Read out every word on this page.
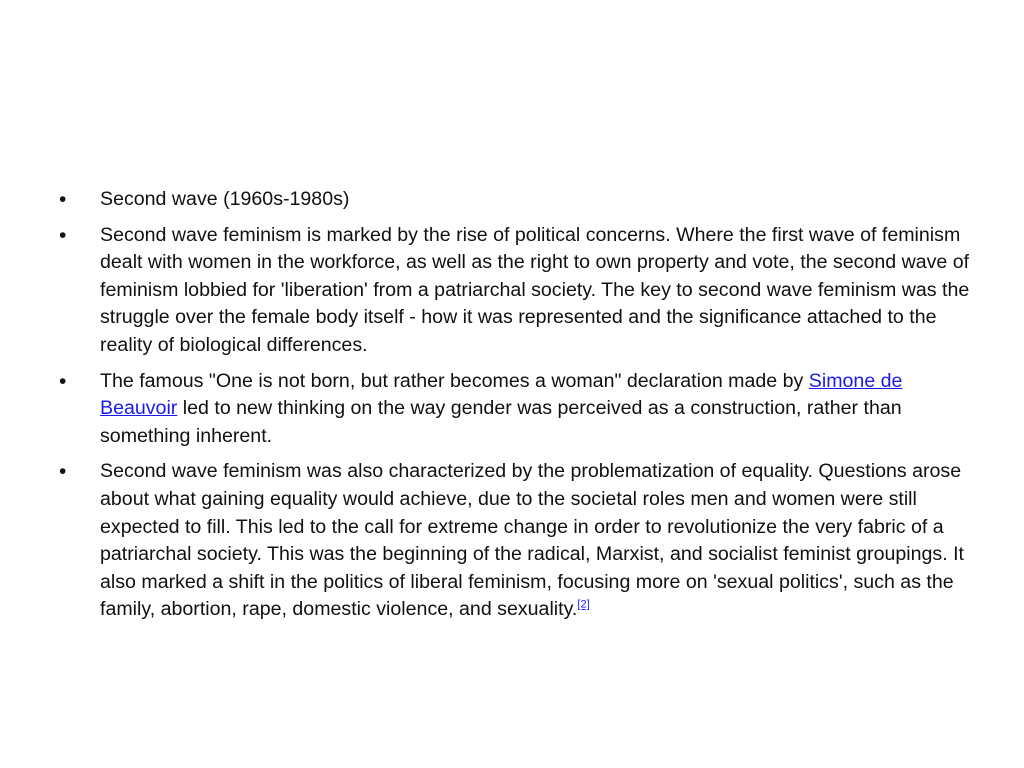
• Second wave (1960s-1980s)
• Second wave feminism is marked by the rise of political concerns. Where the first wave of feminism dealt with women in the workforce, as well as the right to own property and vote, the second wave of feminism lobbied for 'liberation' from a patriarchal society. The key to second wave feminism was the struggle over the female body itself - how it was represented and the significance attached to the reality of biological differences.
• The famous "One is not born, but rather becomes a woman" declaration made by Simone de Beauvoir led to new thinking on the way gender was perceived as a construction, rather than something inherent.
• Second wave feminism was also characterized by the problematization of equality. Questions arose about what gaining equality would achieve, due to the societal roles men and women were still expected to fill. This led to the call for extreme change in order to revolutionize the very fabric of a patriarchal society. This was the beginning of the radical, Marxist, and socialist feminist groupings. It also marked a shift in the politics of liberal feminism, focusing more on 'sexual politics', such as the family, abortion, rape, domestic violence, and sexuality.[2]
